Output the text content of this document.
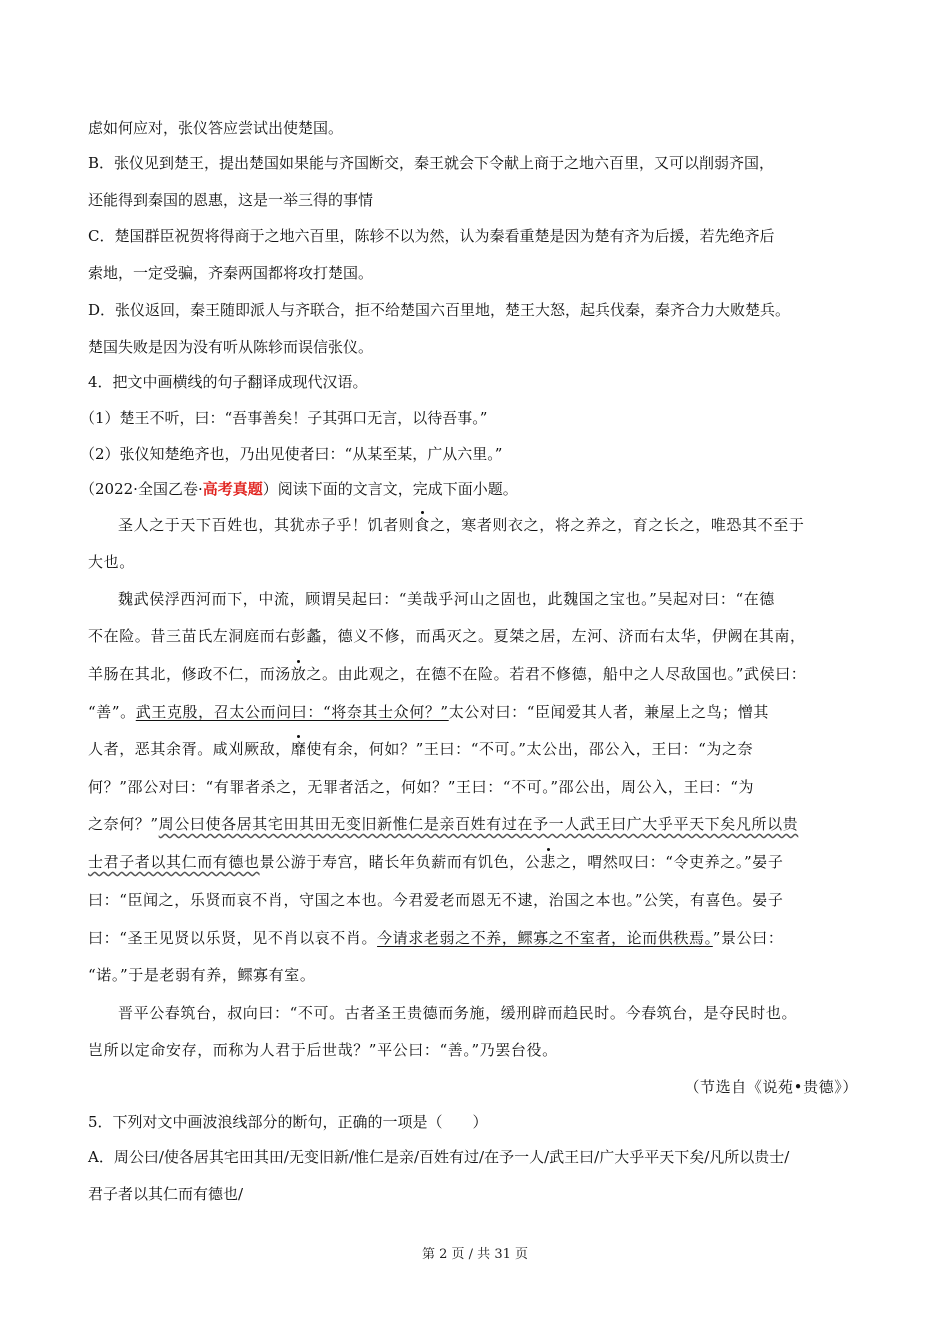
虑如何应对，张仪答应尝试出使楚国。
B．张仪见到楚王，提出楚国如果能与齐国断交，秦王就会下令献上商于之地六百里，又可以削弱齐国，
还能得到秦国的恩惠，这是一举三得的事情
C．楚国群臣祝贺将得商于之地六百里，陈轸不以为然，认为秦看重楚是因为楚有齐为后援，若先绝齐后
索地，一定受骗，齐秦两国都将攻打楚国。
D．张仪返回，秦王随即派人与齐联合，拒不给楚国六百里地，楚王大怒，起兵伐秦，秦齐合力大败楚兵。
楚国失败是因为没有听从陈轸而误信张仪。
4．把文中画横线的句子翻译成现代汉语。
（1）楚王不听，曰：“吾事善矣！子其弭口无言，以待吾事。”
（2）张仪知楚绝齐也，乃出见使者曰：“从某至某，广从六里。”
（2022·全国乙卷·高考真题）阅读下面的文言文，完成下面小题。
圣人之于天下百姓也，其犹赤子乎！饥者则食之，寒者则衣之，将之养之，育之长之，唯恐其不至于
大也。
魏武侯浮西河而下，中流，顾谓吴起曰：“美哉乎河山之固也，此魏国之宝也。”吴起对曰：“在德
不在险。昔三苗氏左洞庭而右彭蠡，德义不修，而禹灭之。夏桀之居，左河、济而右太华，伊阙在其南，
羊肠在其北，修政不仁，而汤放之。由此观之，在德不在险。若君不修德，船中之人尽敌国也。”武侯曰：
“善”。武王克殷，召太公而问曰：“将奈其士众何？”太公对曰：“臣闻爱其人者，兼屋上之鸟；憎其
人者，恶其余胥。咸刈厥敌，靡使有余，何如？”王曰：“不可。”太公出，邵公入，王曰：“为之奈
何？”邵公对曰：“有罪者杀之，无罪者活之，何如？”王曰：“不可。”邵公出，周公入，王曰：“为
之奈何？”周公曰使各居其宅田其田无变旧新惟仁是亲百姓有过在予一人武王曰广大乎平天下矣凡所以贵
士君子者以其仁而有德也景公游于寿宫，睹长年负薪而有饥色，公悲之，喟然叹曰：“令吏养之。”晏子
曰：“臣闻之，乐贤而哀不肖，守国之本也。今君爱老而恩无不逮，治国之本也。”公笑，有喜色。晏子
曰：“圣王见贤以乐贤，见不肖以哀不肖。今请求老弱之不养，鳏寡之不室者，论而供秩焉。”景公曰：
“诺。”于是老弱有养，鳏寡有室。
晋平公春筑台，叔向曰：“不可。古者圣王贵德而务施，缓刑辟而趋民时。今春筑台，是夺民时也。
岂所以定命安存，而称为人君于后世哉？”平公曰：“善。”乃罢台役。
（节选自《说苑•贵德》）
5．下列对文中画波浪线部分的断句，正确的一项是（　　）
A．周公曰/使各居其宅田其田/无变旧新/惟仁是亲/百姓有过/在予一人/武王曰/广大乎平天下矣/凡所以贵士/
君子者以其仁而有德也/
第 2 页 / 共 31 页
